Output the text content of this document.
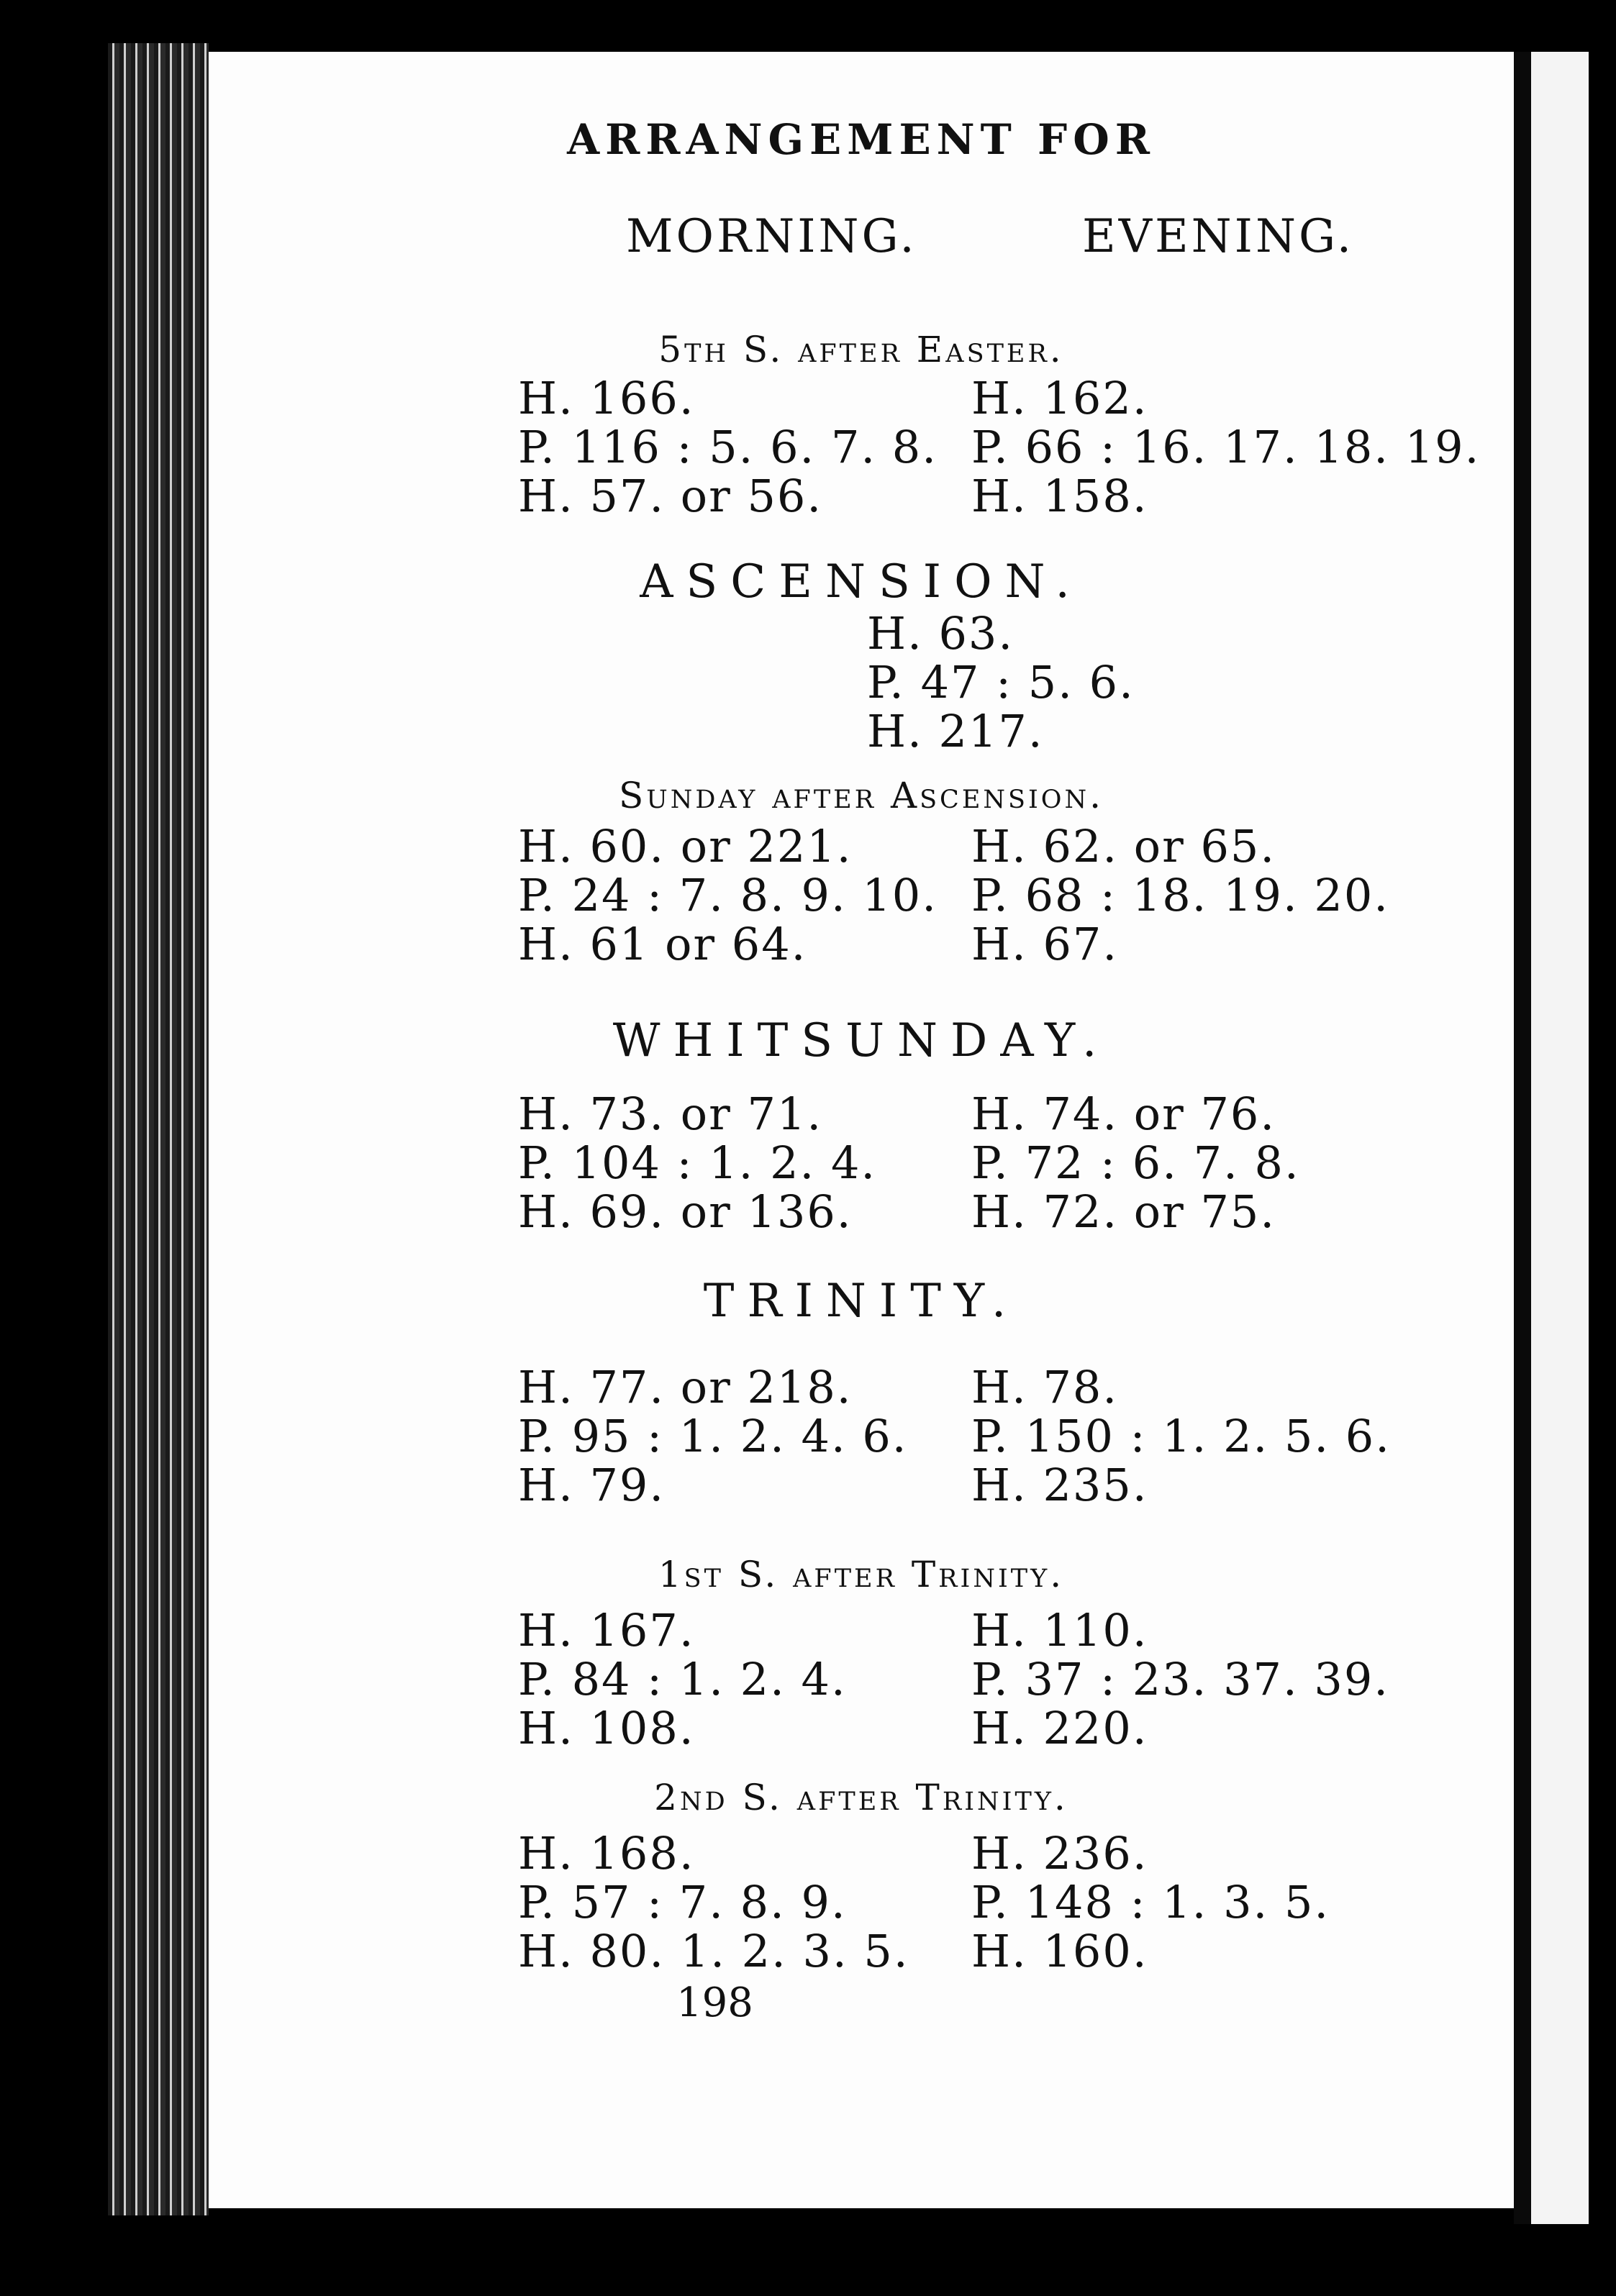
ARRANGEMENT FOR
MORNING.	EVENING.
5th S. after Easter.
H. 166.
P. 116 : 5. 6. 7. 8.
H. 57. or 56.
H. 162.
P. 66 : 16. 17. 18. 19.
H. 158.
ASCENSION.
H. 63.
P. 47 : 5. 6.
H. 217.
Sunday after Ascension.
H. 60. or 221.
P. 24 : 7. 8. 9. 10.
H. 61 or 64.
H. 62. or 65.
P. 68 : 18. 19. 20.
H. 67.
WHITSUNDAY.
H. 73. or 71.
P. 104 : 1. 2. 4.
H. 69. or 136.
H. 74. or 76.
P. 72 : 6. 7. 8.
H. 72. or 75.
TRINITY.
H. 77. or 218.
P. 95 : 1. 2. 4. 6.
H. 79.
H. 78.
P. 150 : 1. 2. 5. 6.
H. 235.
1st S. after Trinity.
H. 167.
P. 84 : 1. 2. 4.
H. 108.
H. 110.
P. 37 : 23. 37. 39.
H. 220.
2nd S. after Trinity.
H. 168.
P. 57 : 7. 8. 9.
H. 80. 1. 2. 3. 5.
H. 236.
P. 148 : 1. 3. 5.
H. 160.
198
